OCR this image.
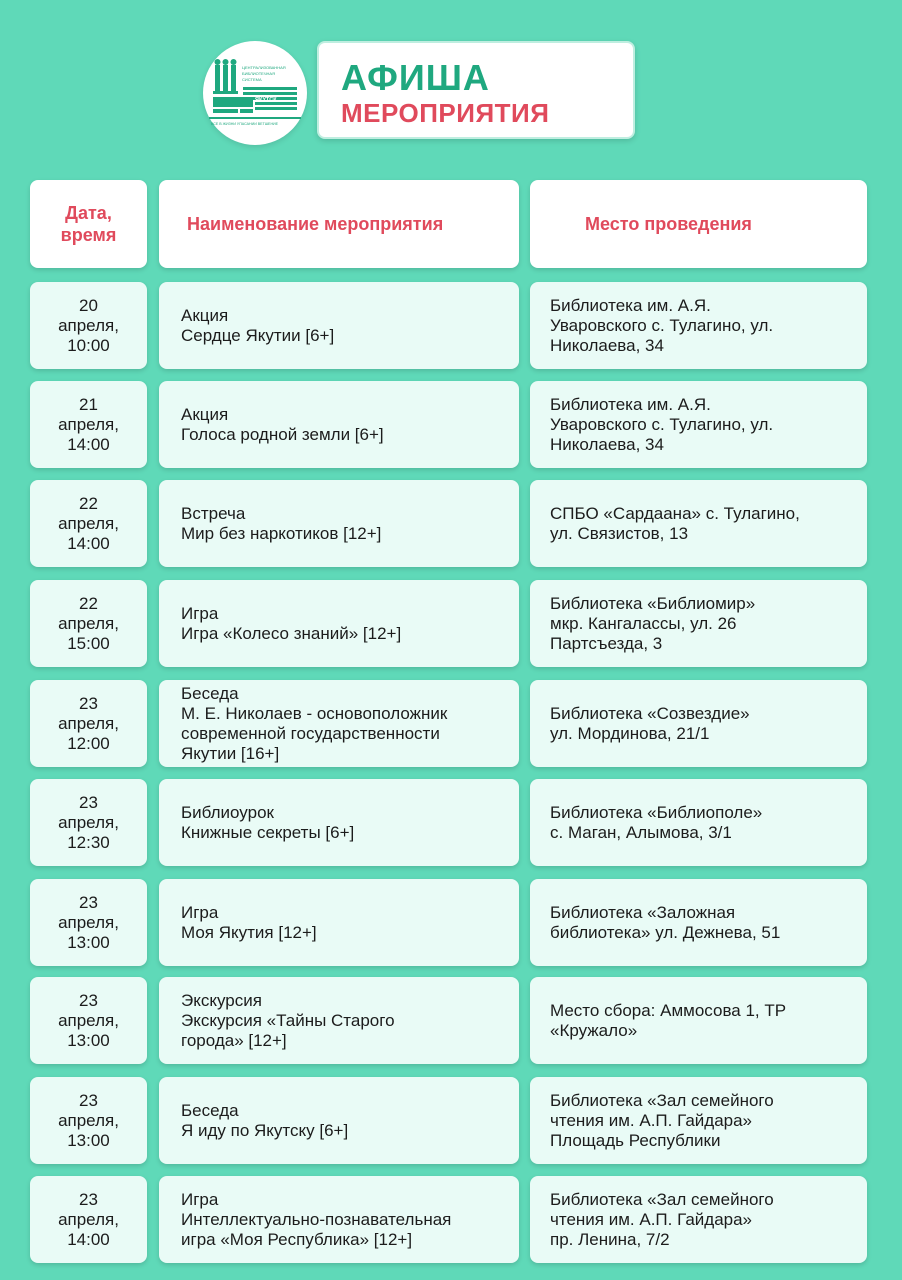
ЯКУТСК
ЦЕНТРАЛИЗОВАННАЯ
БИБЛИОТЕЧНАЯ
СИСТЕМА
ВСЕ В ЖИЗНИ УПАСАНИИ ВЕТШЕНИЕ
АФИША
МЕРОПРИЯТИЯ
Дата,
время
Наименование мероприятия	Место проведения
20
апреля,
10:00
Акция
Сердце Якутии [6+]
Библиотека им. А.Я.
Уваровского с. Тулагино, ул.
Николаева, 34
21
апреля,
14:00
Акция
Голоса родной земли [6+]
Библиотека им. А.Я.
Уваровского с. Тулагино, ул.
Николаева, 34
22
апреля,
14:00
Встреча
Мир без наркотиков [12+]
СПБО «Сардаана» с. Тулагино,
ул. Связистов, 13
22
апреля,
15:00
Игра
Игра «Колесо знаний» [12+]
Библиотека «Библиомир»
мкр. Кангалассы, ул. 26
Партсъезда, 3
23
апреля,
12:00
Беседа
М. Е. Николаев - основоположник
современной государственности
Якутии [16+]
Библиотека «Созвездие»
ул. Мординова, 21/1
23
апреля,
12:30
Библиоурок
Книжные секреты [6+]
Библиотека «Библиополе»
с. Маган, Алымова, 3/1
23
апреля,
13:00
Игра
Моя Якутия [12+]
Библиотека «Заложная
библиотека» ул. Дежнева, 51
23
апреля,
13:00
Экскурсия
Экскурсия «Тайны Старого
города» [12+]
Место сбора: Аммосова 1, ТР
«Кружало»
23
апреля,
13:00
Беседа
Я иду по Якутску [6+]
Библиотека «Зал семейного
чтения им. А.П. Гайдара»
Площадь Республики
23
апреля,
14:00
Игра
Интеллектуально-познавательная
игра «Моя Республика» [12+]
Библиотека «Зал семейного
чтения им. А.П. Гайдара»
пр. Ленина, 7/2
